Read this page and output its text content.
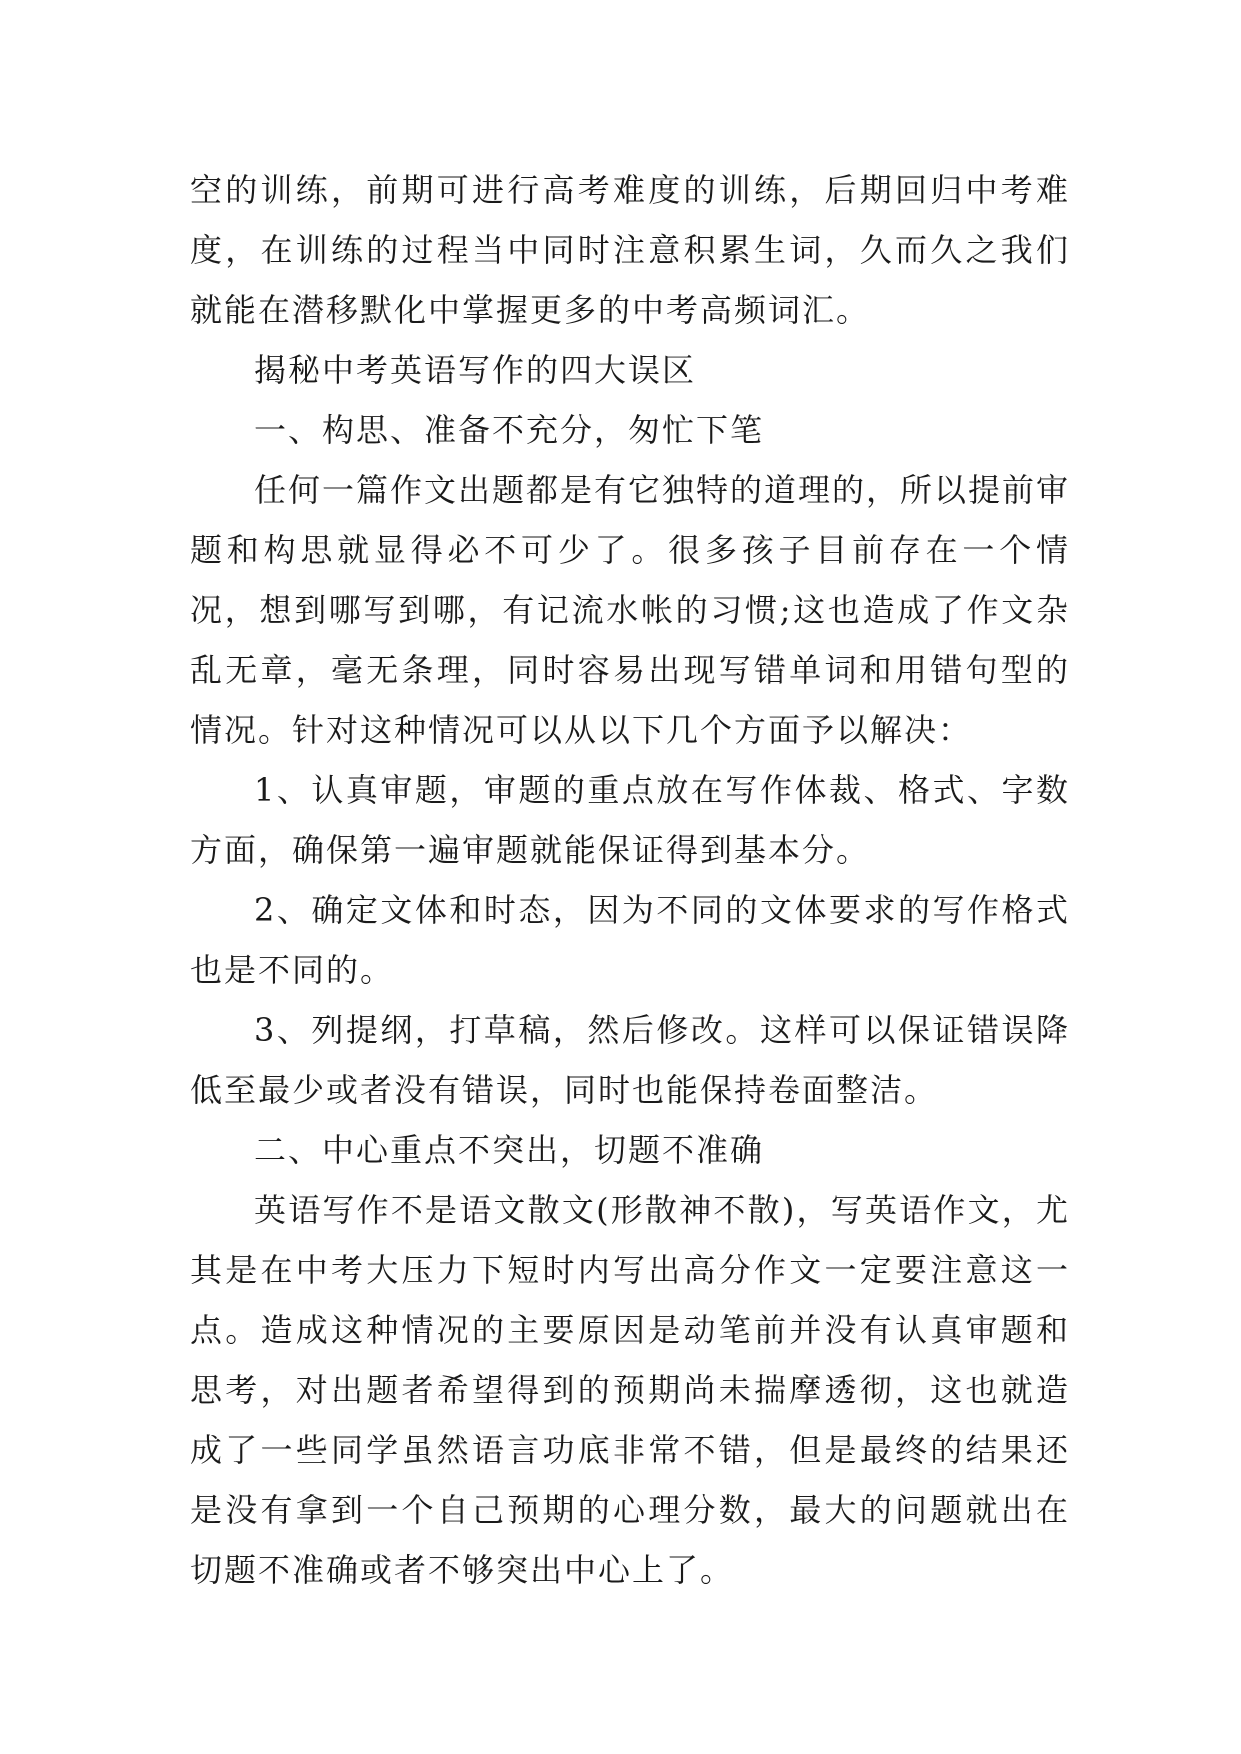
空的训练，前期可进行高考难度的训练，后期回归中考难度，在训练的过程当中同时注意积累生词，久而久之我们就能在潜移默化中掌握更多的中考高频词汇。

揭秘中考英语写作的四大误区

一、构思、准备不充分，匆忙下笔

任何一篇作文出题都是有它独特的道理的，所以提前审题和构思就显得必不可少了。很多孩子目前存在一个情况，想到哪写到哪，有记流水帐的习惯;这也造成了作文杂乱无章，毫无条理，同时容易出现写错单词和用错句型的情况。针对这种情况可以从以下几个方面予以解决：

1、认真审题，审题的重点放在写作体裁、格式、字数方面，确保第一遍审题就能保证得到基本分。

2、确定文体和时态，因为不同的文体要求的写作格式也是不同的。

3、列提纲，打草稿，然后修改。这样可以保证错误降低至最少或者没有错误，同时也能保持卷面整洁。

二、中心重点不突出，切题不准确

英语写作不是语文散文(形散神不散)，写英语作文，尤其是在中考大压力下短时内写出高分作文一定要注意这一点。造成这种情况的主要原因是动笔前并没有认真审题和思考，对出题者希望得到的预期尚未揣摩透彻，这也就造成了一些同学虽然语言功底非常不错，但是最终的结果还是没有拿到一个自己预期的心理分数，最大的问题就出在切题不准确或者不够突出中心上了。
